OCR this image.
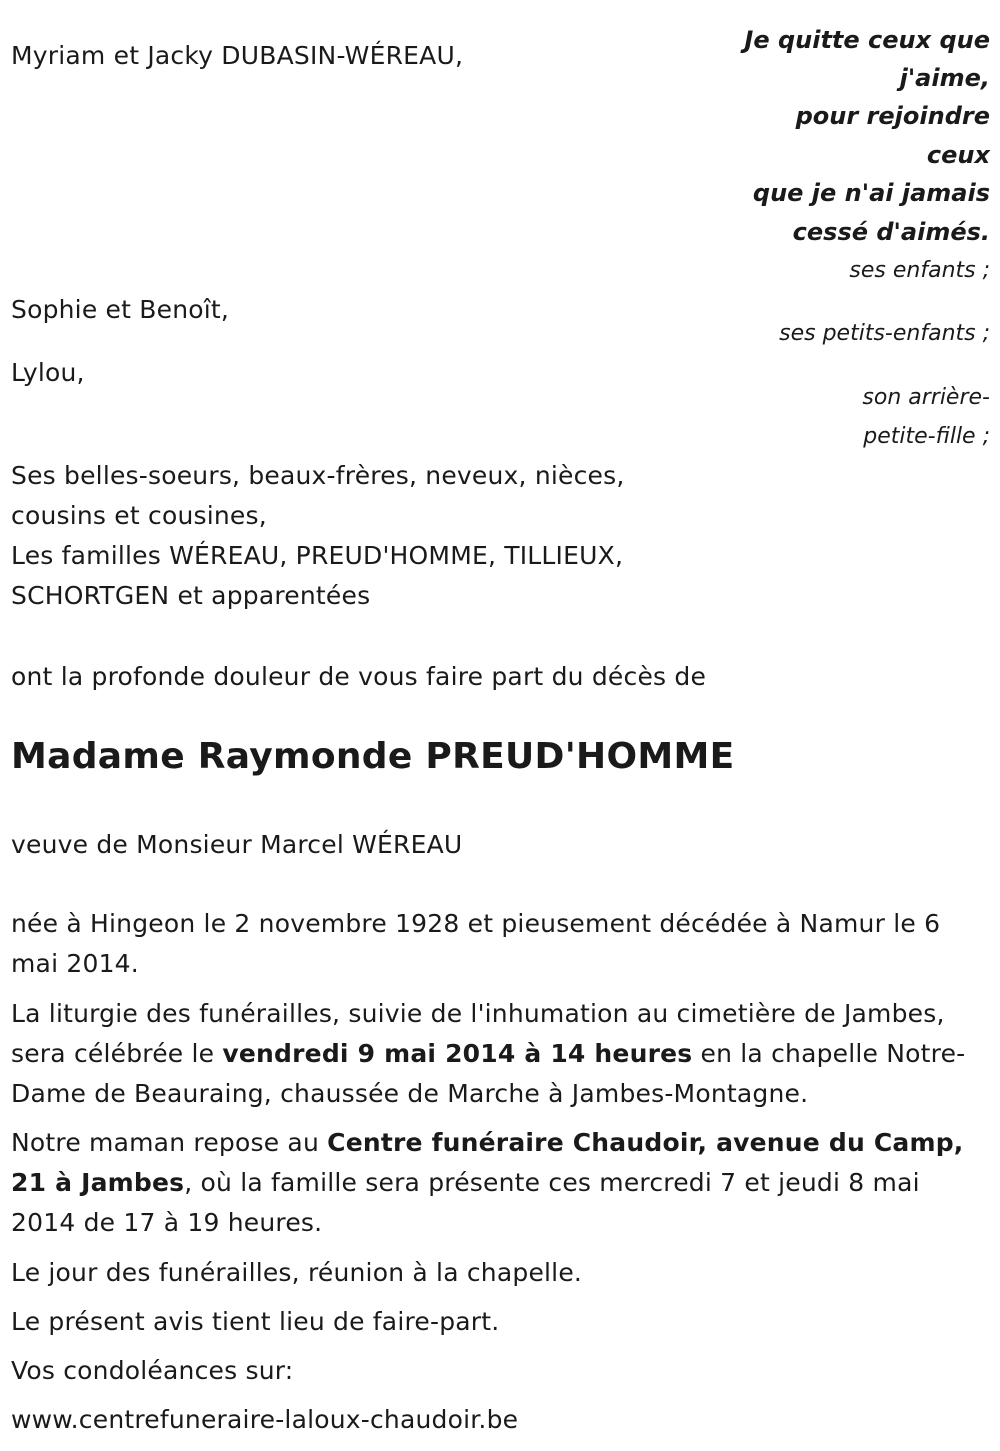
Myriam et Jacky DUBASIN-WÉREAU,
Sophie et Benoît,
Lylou,
Ses belles-soeurs, beaux-frères, neveux, nièces,
cousins et cousines,
Les familles WÉREAU, PREUD'HOMME, TILLIEUX,
SCHORTGEN et apparentées
Je quitte ceux que
j'aime,
pour rejoindre
ceux
que je n'ai jamais
cessé d'aimés.
ses enfants ;
ses petits-enfants ;
son arrière-
petite-fille ;
ont la profonde douleur de vous faire part du décès de
Madame Raymonde PREUD'HOMME
veuve de Monsieur Marcel WÉREAU
née à Hingeon le 2 novembre 1928 et pieusement décédée à Namur le 6 mai 2014.
La liturgie des funérailles, suivie de l'inhumation au cimetière de Jambes, sera célébrée le vendredi 9 mai 2014 à 14 heures en la chapelle Notre-Dame de Beauraing, chaussée de Marche à Jambes-Montagne.
Notre maman repose au Centre funéraire Chaudoir, avenue du Camp, 21 à Jambes, où la famille sera présente ces mercredi 7 et jeudi 8 mai 2014 de 17 à 19 heures.
Le jour des funérailles, réunion à la chapelle.
Le présent avis tient lieu de faire-part.
Vos condoléances sur:
www.centrefuneraire-laloux-chaudoir.be
